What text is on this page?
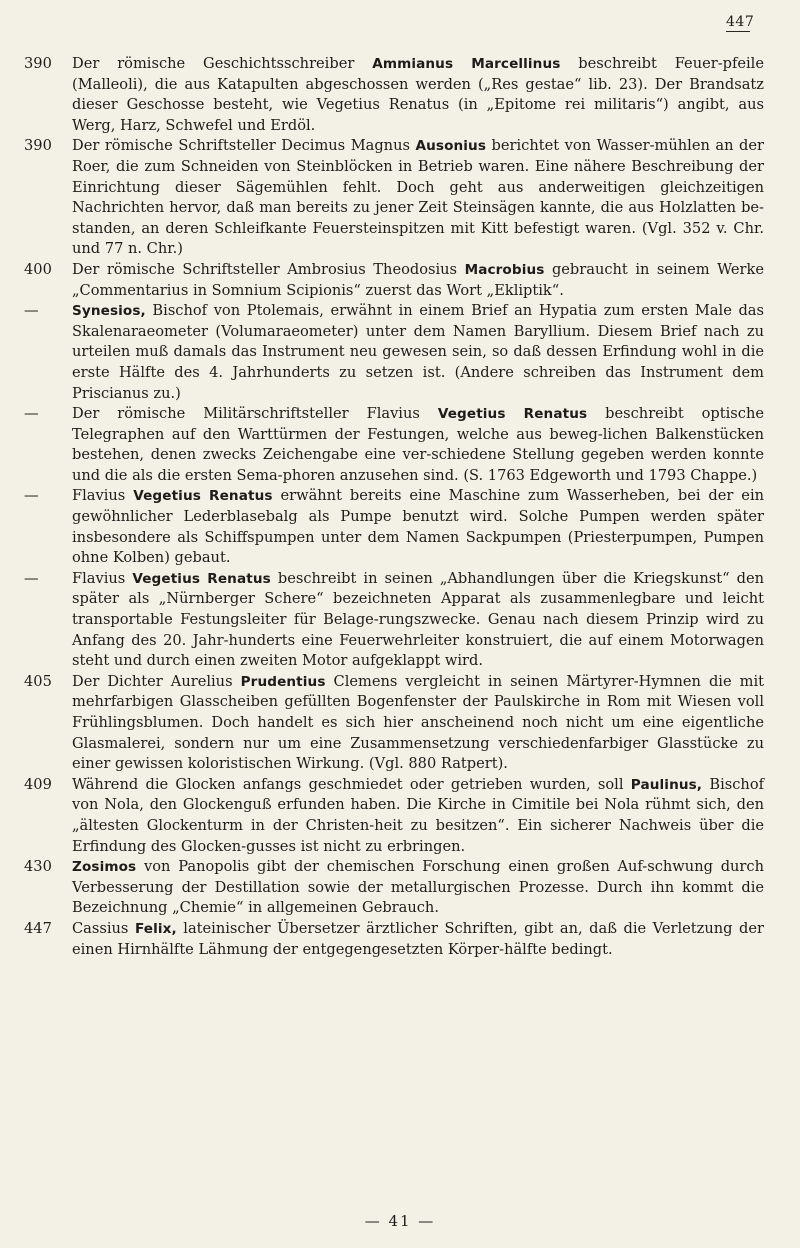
447
390	Der römische Geschichtsschreiber Ammianus Marcellinus beschreibt Feuer-pfeile (Malleoli), die aus Katapulten abgeschossen werden („Res gestae“ lib. 23). Der Brandsatz dieser Geschosse besteht, wie Vegetius Renatus (in „Epitome rei militaris“) angibt, aus Werg, Harz, Schwefel und Erdöl.
390	Der römische Schriftsteller Decimus Magnus Ausonius berichtet von Wasser-mühlen an der Roer, die zum Schneiden von Steinblöcken in Betrieb waren. Eine nähere Beschreibung der Einrichtung dieser Sägemühlen fehlt. Doch geht aus anderweitigen gleichzeitigen Nachrichten hervor, daß man bereits zu jener Zeit Steinsägen kannte, die aus Holzlatten be-standen, an deren Schleifkante Feuersteinspitzen mit Kitt befestigt waren. (Vgl. 352 v. Chr. und 77 n. Chr.)
400	Der römische Schriftsteller Ambrosius Theodosius Macrobius gebraucht in seinem Werke „Commentarius in Somnium Scipionis“ zuerst das Wort „Ekliptik“.
—	Synesios, Bischof von Ptolemais, erwähnt in einem Brief an Hypatia zum ersten Male das Skalenaraeometer (Volumaraeometer) unter dem Namen Baryllium. Diesem Brief nach zu urteilen muß damals das Instrument neu gewesen sein, so daß dessen Erfindung wohl in die erste Hälfte des 4. Jahrhunderts zu setzen ist. (Andere schreiben das Instrument dem Priscianus zu.)
—	Der römische Militärschriftsteller Flavius Vegetius Renatus beschreibt optische Telegraphen auf den Warttürmen der Festungen, welche aus beweg-lichen Balkenstücken bestehen, denen zwecks Zeichengabe eine ver-schiedene Stellung gegeben werden konnte und die als die ersten Sema-phoren anzusehen sind. (S. 1763 Edgeworth und 1793 Chappe.)
—	Flavius Vegetius Renatus erwähnt bereits eine Maschine zum Wasserheben, bei der ein gewöhnlicher Lederblasebalg als Pumpe benutzt wird. Solche Pumpen werden später insbesondere als Schiffspumpen unter dem Namen Sackpumpen (Priesterpumpen, Pumpen ohne Kolben) gebaut.
—	Flavius Vegetius Renatus beschreibt in seinen „Abhandlungen über die Kriegskunst“ den später als „Nürnberger Schere“ bezeichneten Apparat als zusammenlegbare und leicht transportable Festungsleiter für Belage-rungszwecke. Genau nach diesem Prinzip wird zu Anfang des 20. Jahr-hunderts eine Feuerwehrleiter konstruiert, die auf einem Motorwagen steht und durch einen zweiten Motor aufgeklappt wird.
405	Der Dichter Aurelius Prudentius Clemens vergleicht in seinen Märtyrer-Hymnen die mit mehrfarbigen Glasscheiben gefüllten Bogenfenster der Paulskirche in Rom mit Wiesen voll Frühlingsblumen. Doch handelt es sich hier anscheinend noch nicht um eine eigentliche Glasmalerei, sondern nur um eine Zusammensetzung verschiedenfarbiger Glasstücke zu einer gewissen koloristischen Wirkung. (Vgl. 880 Ratpert).
409	Während die Glocken anfangs geschmiedet oder getrieben wurden, soll Paulinus, Bischof von Nola, den Glockenguß erfunden haben. Die Kirche in Cimitile bei Nola rühmt sich, den „ältesten Glockenturm in der Christen-heit zu besitzen“. Ein sicherer Nachweis über die Erfindung des Glocken-gusses ist nicht zu erbringen.
430	Zosimos von Panopolis gibt der chemischen Forschung einen großen Auf-schwung durch Verbesserung der Destillation sowie der metallurgischen Prozesse. Durch ihn kommt die Bezeichnung „Chemie“ in allgemeinen Gebrauch.
447	Cassius Felix, lateinischer Übersetzer ärztlicher Schriften, gibt an, daß die Verletzung der einen Hirnhälfte Lähmung der entgegengesetzten Körper-hälfte bedingt.
— 41 —
